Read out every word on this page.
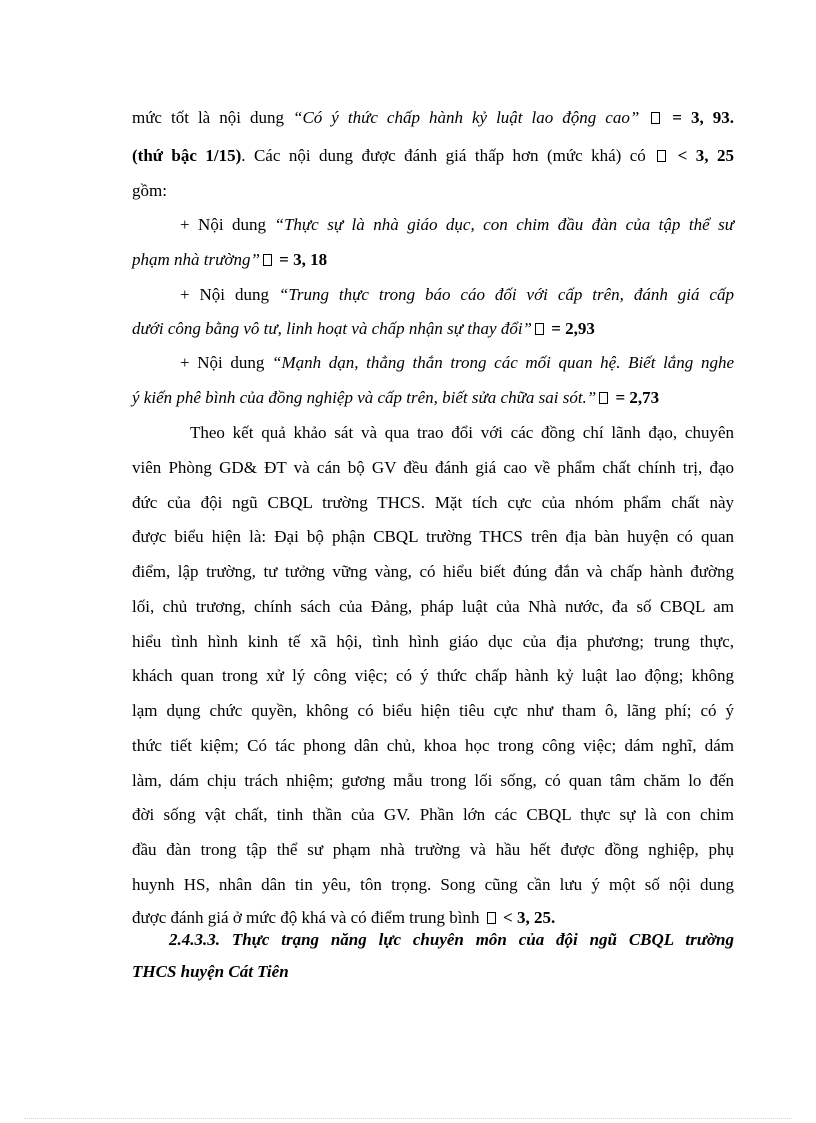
mức tốt là nội dung “Có ý thức chấp hành kỷ luật lao động cao”  = 3, 93.
(thứ bậc 1/15). Các nội dung được đánh giá thấp hơn (mức khá) có  < 3, 25
gồm:
+ Nội dung “Thực sự là nhà giáo dục, con chim đầu đàn của tập thể sư
phạm nhà trường” = 3, 18
+ Nội dung “Trung thực trong báo cáo đối với cấp trên, đánh giá cấp
dưới công bằng vô tư, linh hoạt và chấp nhận sự thay đổi” = 2,93
+ Nội dung “Mạnh dạn, thẳng thắn trong các mối quan hệ. Biết lắng nghe
ý kiến phê bình của đồng nghiệp và cấp trên, biết sửa chữa sai sót.” = 2,73
Theo kết quả khảo sát và qua trao đổi với các đồng chí lãnh đạo, chuyên
viên Phòng GD& ĐT và cán bộ GV đều đánh giá cao về phẩm chất chính trị, đạo
đức của đội ngũ CBQL trường THCS. Mặt tích cực của nhóm phẩm chất này
được biểu hiện là: Đại bộ phận CBQL trường THCS trên địa bàn huyện có quan
điểm, lập trường, tư tưởng vững vàng, có hiểu biết đúng đắn và chấp hành đường
lối, chủ trương, chính sách của Đảng, pháp luật của Nhà nước, đa số CBQL am
hiểu tình hình kinh tế xã hội, tình hình giáo dục của địa phương; trung thực,
khách quan trong xử lý công việc; có ý thức chấp hành kỷ luật lao động; không
lạm dụng chức quyền, không có biểu hiện tiêu cực như tham ô, lãng phí; có ý
thức tiết kiệm; Có tác phong dân chủ, khoa học trong công việc; dám nghĩ, dám
làm, dám chịu trách nhiệm; gương mẫu trong lối sống, có quan tâm chăm lo đến
đời sống vật chất, tinh thần của GV. Phần lớn các CBQL thực sự là con chim
đầu đàn trong tập thể sư phạm nhà trường và hầu hết được đồng nghiệp, phụ
huynh HS, nhân dân tin yêu, tôn trọng. Song cũng cần lưu ý một số nội dung
được đánh giá ở mức độ khá và có điểm trung bình  < 3, 25.
2.4.3.3. Thực trạng năng lực chuyên môn của đội ngũ CBQL trường
THCS huyện Cát Tiên
